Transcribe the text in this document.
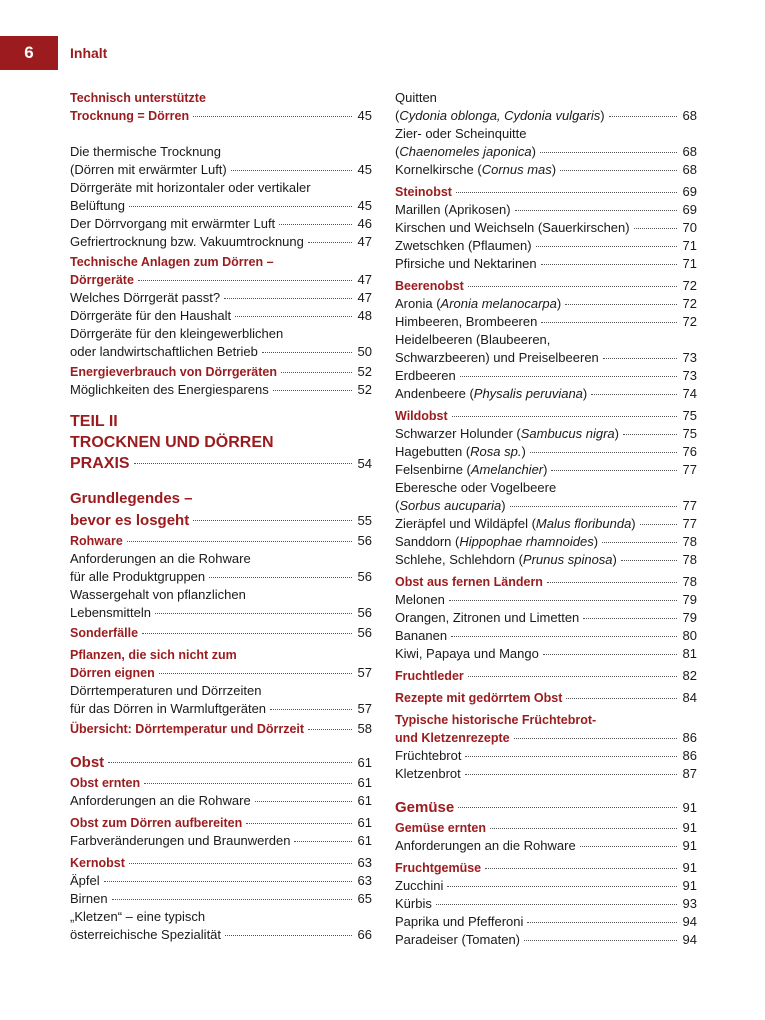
6	Inhalt
Technisch unterstützte
Trocknung = Dörren	45
Die thermische Trocknung
(Dörren mit erwärmter Luft)	45
Dörrgeräte mit horizontaler oder vertikaler
Belüftung	45
Der Dörrvorgang mit erwärmter Luft	46
Gefriertrocknung bzw. Vakuumtrocknung	47
Technische Anlagen zum Dörren –
Dörrgeräte	47
Welches Dörrgerät passt?	47
Dörrgeräte für den Haushalt	48
Dörrgeräte für den kleingewerblichen
oder landwirtschaftlichen Betrieb	50
Energieverbrauch von Dörrgeräten	52
Möglichkeiten des Energiesparens	52
TEIL II
TROCKNEN UND DÖRREN
PRAXIS	54
Grundlegendes –
bevor es losgeht	55
Rohware	56
Anforderungen an die Rohware
für alle Produktgruppen	56
Wassergehalt von pflanzlichen
Lebensmitteln	56
Sonderfälle	56
Pflanzen, die sich nicht zum
Dörren eignen	57
Dörrtemperaturen und Dörrzeiten
für das Dörren in Warmluftgeräten	57
Übersicht: Dörrtemperatur und Dörrzeit	58
Obst	61
Obst ernten	61
Anforderungen an die Rohware	61
Obst zum Dörren aufbereiten	61
Farbveränderungen und Braunwerden	61
Kernobst	63
Äpfel	63
Birnen	65
„Kletzen“ – eine typisch
österreichische Spezialität	66
Quitten
(Cydonia oblonga, Cydonia vulgaris)	68
Zier- oder Scheinquitte
(Chaenomeles japonica)	68
Kornelkirsche (Cornus mas)	68
Steinobst	69
Marillen (Aprikosen)	69
Kirschen und Weichseln (Sauerkirschen)	70
Zwetschken (Pflaumen)	71
Pfirsiche und Nektarinen	71
Beerenobst	72
Aronia (Aronia melanocarpa)	72
Himbeeren, Brombeeren	72
Heidelbeeren (Blaubeeren,
Schwarzbeeren) und Preiselbeeren	73
Erdbeeren	73
Andenbeere (Physalis peruviana)	74
Wildobst	75
Schwarzer Holunder (Sambucus nigra)	75
Hagebutten (Rosa sp.)	76
Felsenbirne (Amelanchier)	77
Eberesche oder Vogelbeere
(Sorbus aucuparia)	77
Zieräpfel und Wildäpfel (Malus floribunda)	77
Sanddorn (Hippophae rhamnoides)	78
Schlehe, Schlehdorn (Prunus spinosa)	78
Obst aus fernen Ländern	78
Melonen	79
Orangen, Zitronen und Limetten	79
Bananen	80
Kiwi, Papaya und Mango	81
Fruchtleder	82
Rezepte mit gedörrtem Obst	84
Typische historische Früchtebrot-
und Kletzenrezepte	86
Früchtebrot	86
Kletzenbrot	87
Gemüse	91
Gemüse ernten	91
Anforderungen an die Rohware	91
Fruchtgemüse	91
Zucchini	91
Kürbis	93
Paprika und Pfefferoni	94
Paradeiser (Tomaten)	94
